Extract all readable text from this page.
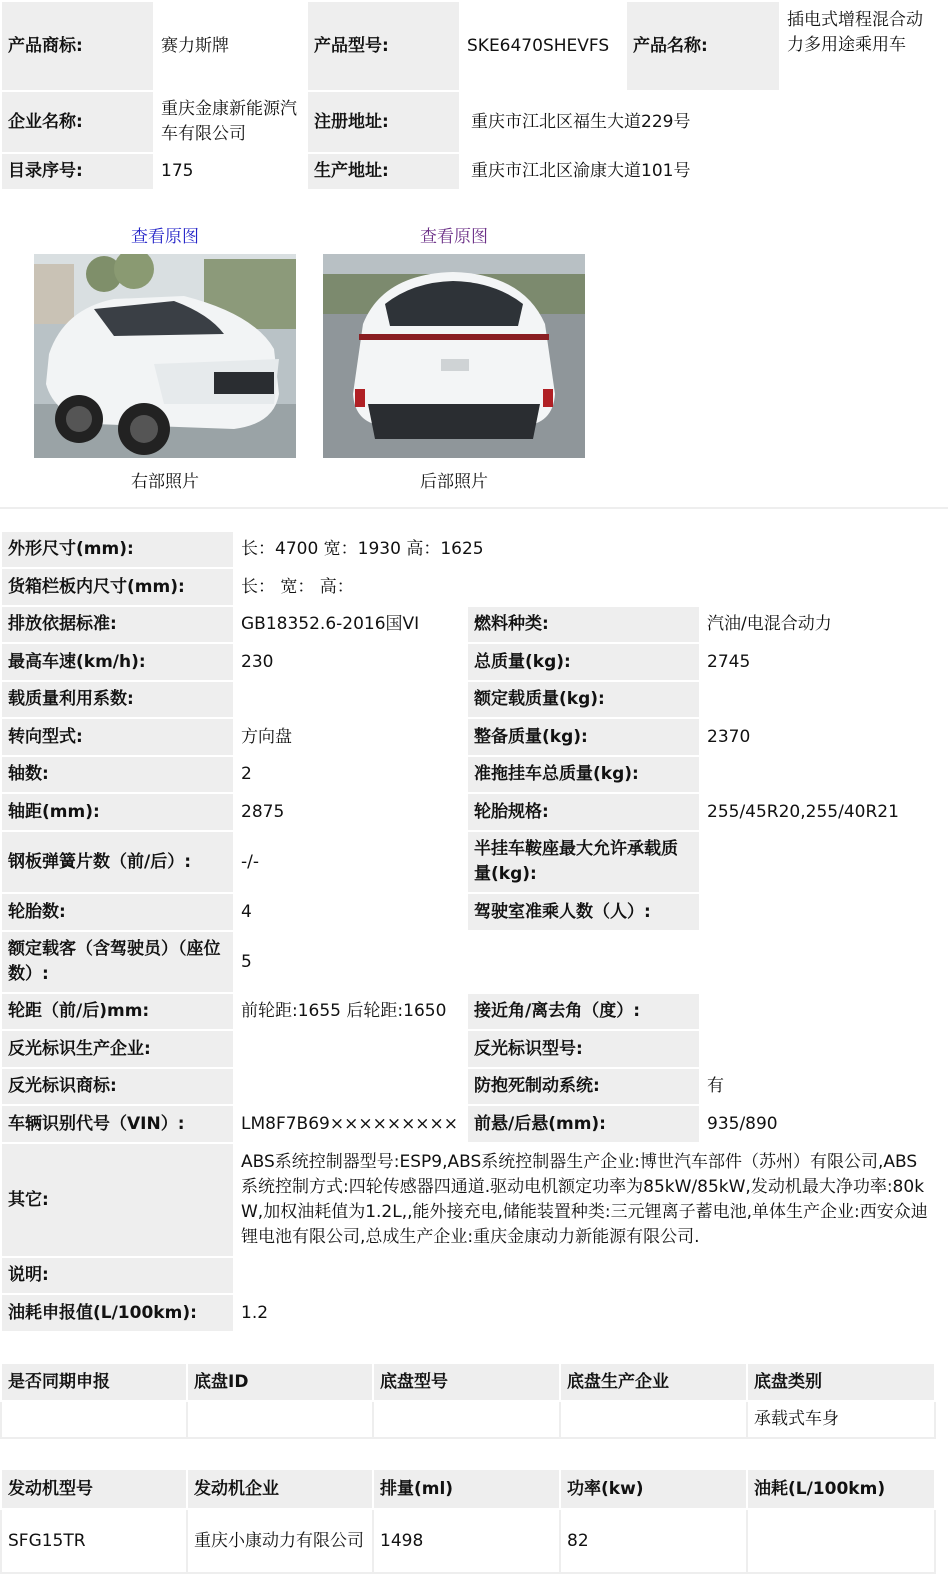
产品商标:	赛力斯牌	产品型号:	SKE6470SHEVFS	产品名称:	插电式增程混合动力多用途乘用车
企业名称:	重庆金康新能源汽车有限公司	注册地址:	重庆市江北区福生大道229号		
目录序号:	175	生产地址:	重庆市江北区渝康大道101号		
查看原图
右部照片
查看原图
后部照片
外形尺寸(mm):	长：4700 宽：1930 高：1625		
货箱栏板内尺寸(mm):	长： 宽： 高：		
排放依据标准:	GB18352.6-2016国VI	燃料种类:	汽油/电混合动力
最高车速(km/h):	230	总质量(kg):	2745
载质量利用系数:		额定载质量(kg):	
转向型式:	方向盘	整备质量(kg):	2370
轴数:	2	准拖挂车总质量(kg):	
轴距(mm):	2875	轮胎规格:	255/45R20,255/40R21
钢板弹簧片数（前/后）:	-/-	半挂车鞍座最大允许承载质量(kg):	
轮胎数:	4	驾驶室准乘人数（人）:	
额定载客（含驾驶员）（座位数）:	5		
轮距（前/后)mm:	前轮距:1655 后轮距:1650	接近角/离去角（度）:	
反光标识生产企业:		反光标识型号:	
反光标识商标:		防抱死制动系统:	有
车辆识别代号（VIN）:	LM8F7B69×××××××××	前悬/后悬(mm):	935/890
其它:	ABS系统控制器型号:ESP9,ABS系统控制器生产企业:博世汽车部件（苏州）有限公司,ABS系统控制方式:四轮传感器四通道.驱动电机额定功率为85kW/85kW,发动机最大净功率:80kW,加权油耗值为1.2L,,能外接充电,储能装置种类:三元锂离子蓄电池,单体生产企业:西安众迪锂电池有限公司,总成生产企业:重庆金康动力新能源有限公司.		
说明:			
油耗申报值(L/100km):	1.2		
是否同期申报	底盘ID	底盘型号	底盘生产企业	底盘类别
				承载式车身
发动机型号	发动机企业	排量(ml)	功率(kw)	油耗(L/100km)
SFG15TR	重庆小康动力有限公司	1498	82	
